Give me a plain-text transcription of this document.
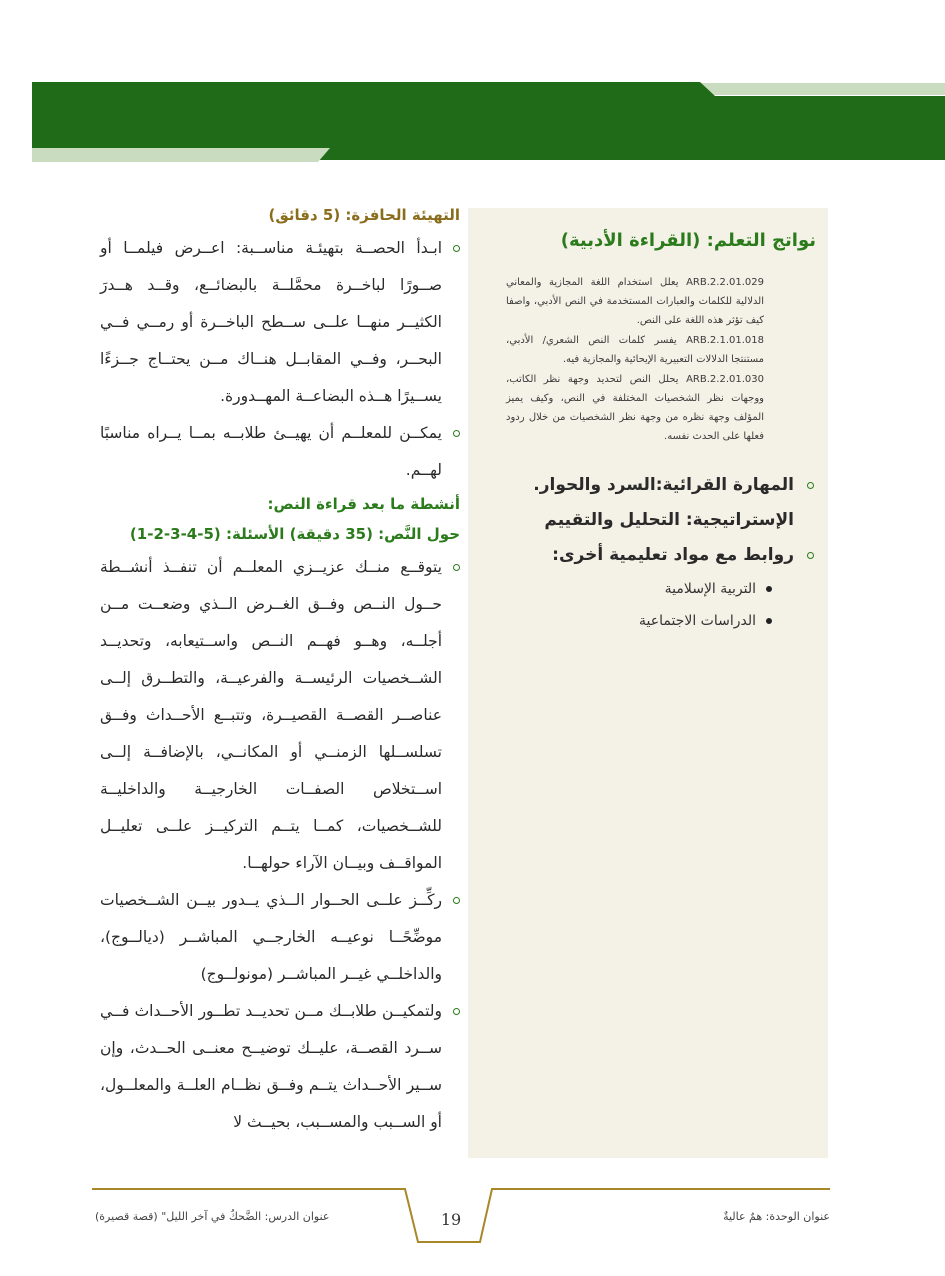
نواتج التعلم: (القراءة الأدبية)
ARB.2.2.01.029 يعلل استخدام اللغة المجازية والمعاني الدلالية للكلمات والعبارات المستخدمة في النص الأدبي، واصفا كيف تؤثر هذه اللغة على النص.
ARB.2.1.01.018 يفسر كلمات النص الشعري/ الأدبي، مستنتجا الدلالات التعبيرية الإيحائية والمجازية فيه.
ARB.2.2.01.030 يحلل النص لتحديد وجهة نظر الكاتب، ووجهات نظر الشخصيات المختلفة في النص، وكيف يميز المؤلف وجهة نظره من وجهة نظر الشخصيات من خلال ردود فعلها على الحدث نفسه.
المهارة القرائية:السرد والحوار.
الإستراتيجية: التحليل والتقييم
روابط مع مواد تعليمية أخرى:
التربية الإسلامية
الدراسات الاجتماعية

التهيئة الحافزة: (5 دقائق)

ابـدأ الحصــة بتهيئـة مناســبة: اعــرض فيلمــا أو صــورًا لباخــرة محمَّلــة بالبضائــع، وقــد هــدرَ الكثيــر منهــا علــى ســطح الباخــرة أو رمــي فــي البحــر، وفــي المقابــل هنــاك مــن يحتــاج جــزءًا يســيرًا هــذه البضاعــة المهــدورة.

يمكــن للمعلــم أن يهيــئ طلابــه بمــا يــراه مناسبًا لهــم.

أنشطة ما بعد قراءة النص:

حول النَّص: (35 دقيقة) الأسئلة: (5-4-3-2-1)

يتوقــع منــك عزيــزي المعلــم أن تنفــذ أنشــطة حــول النــص وفــق الغــرض الــذي وضعــت مــن أجلــه، وهــو فهــم النــص واســتيعابه، وتحديــد الشــخصيات الرئيســة والفرعيــة، والتطــرق إلــى عناصــر القصــة القصيــرة، وتتبــع الأحــداث وفــق تسلســلها الزمنــي أو المكانــي، بالإضافــة إلــى اســتخلاص الصفــات الخارجيــة والداخليــة للشــخصيات، كمــا يتــم التركيــز علــى تعليــل المواقــف وبيــان الآراء حولهــا.

ركِّــز علــى الحــوار الــذي يــدور بيــن الشــخصيات موضِّحًــا نوعيــه الخارجــي المباشــر (ديالــوج)، والداخلــي غيــر المباشــر (مونولــوج)

ولتمكيــن طلابــك مــن تحديــد تطــور الأحــداث فــي ســرد القصــة، عليــك توضيــح معنــى الحــدث، وإن ســير الأحــداث يتــم وفــق نظــام العلــة والمعلــول، أو الســبب والمســبب، بحيــث لا

عنوان الوحدة: همٌ عاليةٌ
عنوان الدرس: الضَّحكُ في آخر الليل" (قصة قصيرة)	19
